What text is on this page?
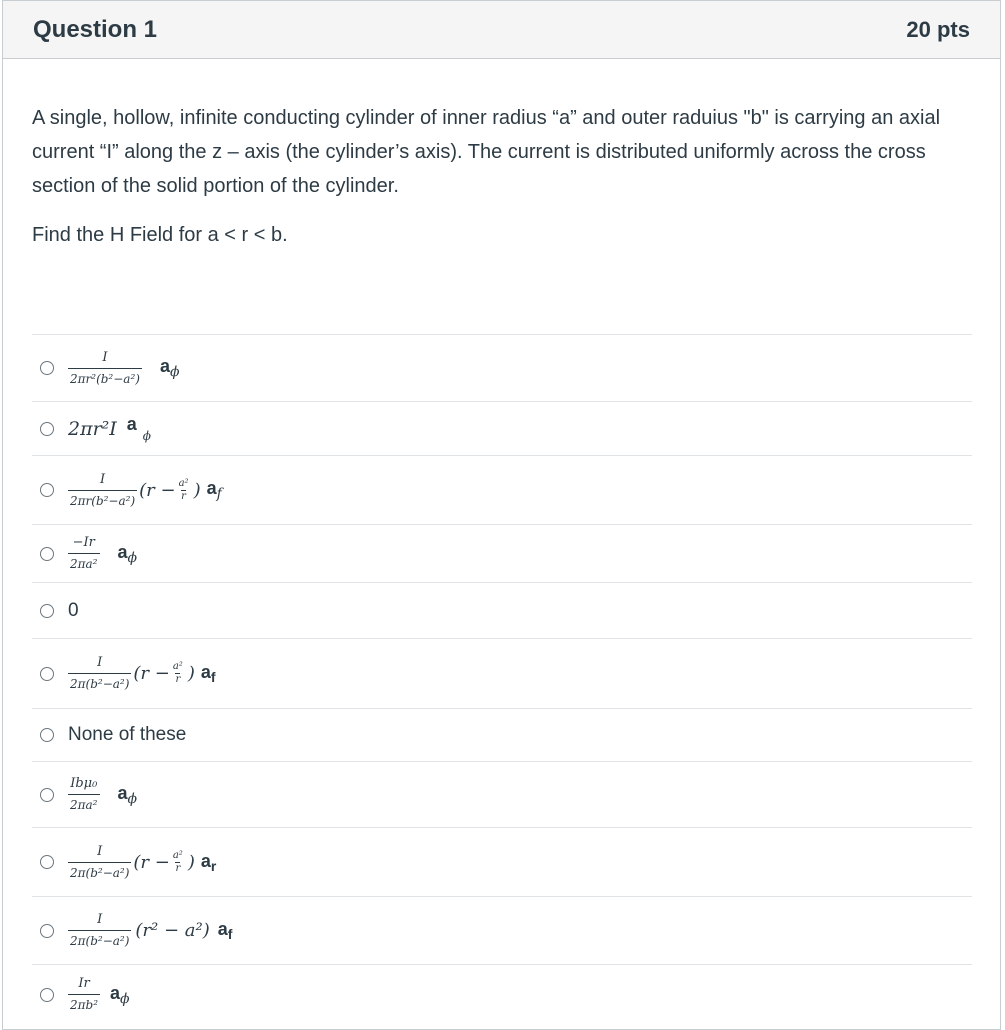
Question 1	20 pts

A single, hollow, infinite conducting cylinder of inner radius “a” and outer raduius "b" is carrying an axial current “I” along the z – axis (the cylinder’s axis). The current is distributed uniformly across the cross section of the solid portion of the cylinder.

Find the H Field for a < r < b.

$\frac{I}{\text{2πr²(b²−a²)}} a_\phi$
2πr²I $a_\phi$
$\frac{I}{\text{2πr(b²−a²)}} (r - \frac{\text{a²}}{r}$ ) $a_f$
$\frac{-Ir}{\text{2πa²}} a_\phi$
0
$\frac{I}{\text{2π(b²−a²)}} (r - \frac{\text{a²}}{r}$ ) $a_f$
None of these
$\frac{\text{Ibμ₀}}{\text{2πa²}} a_\phi$
$\frac{I}{\text{2π(b²−a²)}} (r - \frac{\text{a²}}{r}$ ) $a_r$
$\frac{I}{\text{2π(b²−a²)}} (r^2 - a^2)$ $a_f$
$\frac{Ir}{\text{2πb²}} a_\phi$
